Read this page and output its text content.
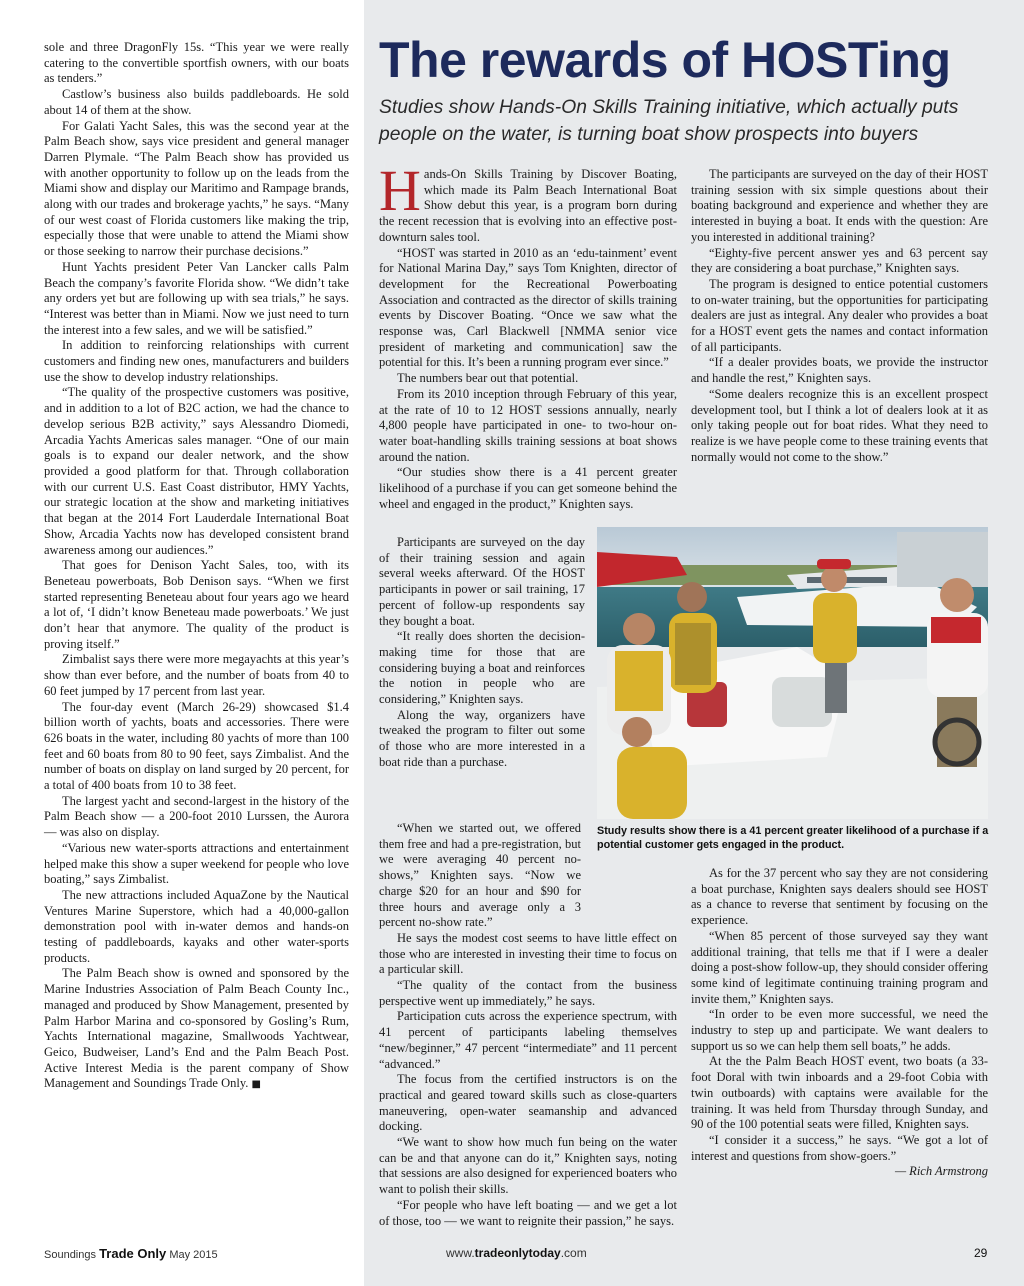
sole and three DragonFly 15s. “This year we were really catering to the convertible sportfish owners, with our boats as tenders.”

Castlow’s business also builds paddleboards. He sold about 14 of them at the show.

For Galati Yacht Sales, this was the second year at the Palm Beach show, says vice president and general manager Darren Plymale. “The Palm Beach show has provided us with another opportunity to follow up on the leads from the Miami show and display our Maritimo and Rampage brands, along with our trades and brokerage yachts,” he says. “Many of our west coast of Florida customers like making the trip, especially those that were unable to attend the Miami show or those seeking to narrow their purchase decisions.”

Hunt Yachts president Peter Van Lancker calls Palm Beach the company’s favorite Florida show. “We didn’t take any orders yet but are following up with sea trials,” he says. “Interest was better than in Miami. Now we just need to turn the interest into a few sales, and we will be satisfied.”

In addition to reinforcing relationships with current customers and finding new ones, manufacturers and builders use the show to develop industry relationships.

“The quality of the prospective customers was positive, and in addition to a lot of B2C action, we had the chance to develop serious B2B activity,” says Alessandro Diomedi, Arcadia Yachts Americas sales manager. “One of our main goals is to expand our dealer network, and the show provided a good platform for that. Through collaboration with our current U.S. East Coast distributor, HMY Yachts, our strategic location at the show and marketing initiatives that began at the 2014 Fort Lauderdale International Boat Show, Arcadia Yachts now has developed consistent brand awareness among our audiences.”

That goes for Denison Yacht Sales, too, with its Beneteau powerboats, Bob Denison says. “When we first started representing Beneteau about four years ago we heard a lot of, ‘I didn’t know Beneteau made powerboats.’ We just don’t hear that anymore. The quality of the product is proving itself.”

Zimbalist says there were more megayachts at this year’s show than ever before, and the number of boats from 40 to 60 feet jumped by 17 percent from last year.

The four-day event (March 26-29) showcased $1.4 billion worth of yachts, boats and accessories. There were 626 boats in the water, including 80 yachts of more than 100 feet and 60 boats from 80 to 90 feet, says Zimbalist. And the number of boats on display on land surged by 20 percent, for a total of 400 boats from 10 to 38 feet.

The largest yacht and second-largest in the history of the Palm Beach show — a 200-foot 2010 Lurssen, the Aurora — was also on display.

“Various new water-sports attractions and entertainment helped make this show a super weekend for people who love boating,” says Zimbalist.

The new attractions included AquaZone by the Nautical Ventures Marine Superstore, which had a 40,000-gallon demonstration pool with in-water demos and hands-on testing of paddleboards, kayaks and other water-sports products.

The Palm Beach show is owned and sponsored by the Marine Industries Association of Palm Beach County Inc., managed and produced by Show Management, presented by Palm Harbor Marina and co-sponsored by Gosling’s Rum, Yachts International magazine, Smallwoods Yachtwear, Geico, Budweiser, Land’s End and the Palm Beach Post. Active Interest Media is the parent company of Show Management and Soundings Trade Only. ■

The rewards of HOSTing

Studies show Hands-On Skills Training initiative, which actually puts people on the water, is turning boat show prospects into buyers

Hands-On Skills Training by Discover Boating, which made its Palm Beach International Boat Show debut this year, is a program born during the recent recession that is evolving into an effective post-downturn sales tool.

“HOST was started in 2010 as an ‘edu-tainment’ event for National Marina Day,” says Tom Knighten, director of development for the Recreational Powerboating Association and contracted as the director of skills training events by Discover Boating. “Once we saw what the response was, Carl Blackwell [NMMA senior vice president of marketing and communication] saw the potential for this. It’s been a running program ever since.”

The numbers bear out that potential.

From its 2010 inception through February of this year, at the rate of 10 to 12 HOST sessions annually, nearly 4,800 people have participated in one- to two-hour on-water boat-handling skills training sessions at boat shows around the nation.

“Our studies show there is a 41 percent greater likelihood of a purchase if you can get someone behind the wheel and engaged in the product,” Knighten says.

Participants are surveyed on the day of their training session and again several weeks afterward. Of the HOST participants in power or sail training, 17 percent of follow-up respondents say they bought a boat.

“It really does shorten the decision-making time for those that are considering buying a boat and reinforces the notion in people who are considering,” Knighten says.

Along the way, organizers have tweaked the program to filter out some of those who are more interested in a boat ride than a purchase.

“When we started out, we offered them free and had a pre-registration, but we were averaging 40 percent no-shows,” Knighten says. “Now we charge $20 for an hour and $90 for three hours and average only a 3 percent no-show rate.”

He says the modest cost seems to have little effect on those who are interested in investing their time to focus on a particular skill.

“The quality of the contact from the business perspective went up immediately,” he says.

Participation cuts across the experience spectrum, with 41 percent of participants labeling themselves “new/beginner,” 47 percent “intermediate” and 11 percent “advanced.”

The focus from the certified instructors is on the practical and geared toward skills such as close-quarters maneuvering, open-water seamanship and advanced docking.

“We want to show how much fun being on the water can be and that anyone can do it,” Knighten says, noting that sessions are also designed for experienced boaters who want to polish their skills.

“For people who have left boating — and we get a lot of those, too — we want to reignite their passion,” he says.

The participants are surveyed on the day of their HOST training session with six simple questions about their boating background and experience and whether they are interested in buying a boat. It ends with the question: Are you interested in additional training?

“Eighty-five percent answer yes and 63 percent say they are considering a boat purchase,” Knighten says.

The program is designed to entice potential customers to on-water training, but the opportunities for participating dealers are just as integral. Any dealer who provides a boat for a HOST event gets the names and contact information of all participants.

“If a dealer provides boats, we provide the instructor and handle the rest,” Knighten says.

“Some dealers recognize this is an excellent prospect development tool, but I think a lot of dealers look at it as only taking people out for boat rides. What they need to realize is we have people come to these training events that normally would not come to the show.”

Study results show there is a 41 percent greater likelihood of a purchase if a potential customer gets engaged in the product.

As for the 37 percent who say they are not considering a boat purchase, Knighten says dealers should see HOST as a chance to reverse that sentiment by focusing on the experience.

“When 85 percent of those surveyed say they want additional training, that tells me that if I were a dealer doing a post-show follow-up, they should consider offering some kind of legitimate continuing training program and invite them,” Knighten says.

“In order to be even more successful, we need the industry to step up and participate. We want dealers to support us so we can help them sell boats,” he adds.

At the the Palm Beach HOST event, two boats (a 33-foot Doral with twin inboards and a 29-foot Cobia with twin outboards) with captains were available for the training. It was held from Thursday through Sunday, and 90 of the 100 potential seats were filled, Knighten says.

“I consider it a success,” he says. “We got a lot of interest and questions from show-goers.”

— Rich Armstrong

Soundings Trade Only May 2015	www.tradeonlytoday.com	29
